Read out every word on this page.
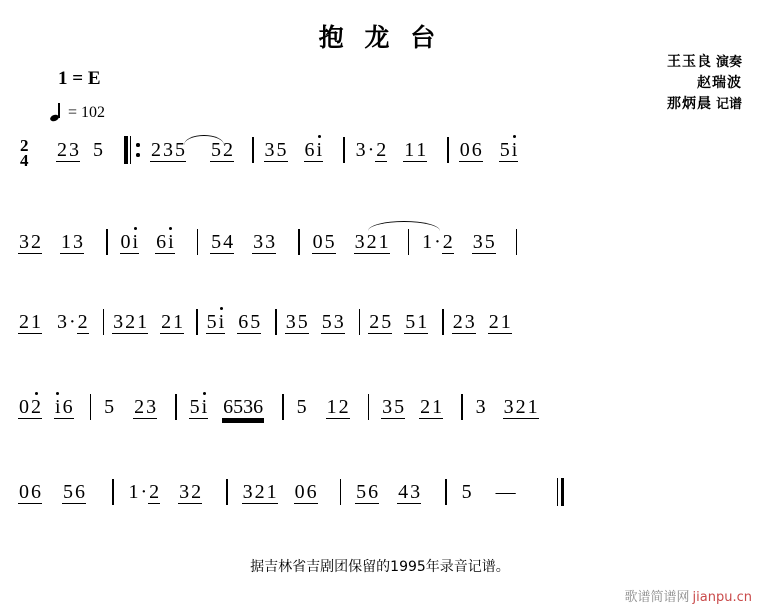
抱 龙 台
王玉良 演奏
赵瑞波
那炳晨 记谱
1 = E
= 102
2
4 2 3 5 2 3 5 5 2 3 5 6 i 3 · 2 1 1 0 6 5 i
3 2 1 3 0 i 6 i 5 4 3 3 0 5 3 2 1 1 · 2 3 5
2 1 3 · 2 3 2 1 2 1 5 i 6 5 3 5 5 3 2 5 5 1 2 3 2 1
0 2 i 6 5 2 3 5 i 6536 5 1 2 3 5 2 1 3 3 2 1
0 6 5 6 1 · 2 3 2 3 2 1 0 6 5 6 4 3 5 —
据吉林省吉剧团保留的1995年录音记谱。
歌谱简谱网 jianpu.cn
